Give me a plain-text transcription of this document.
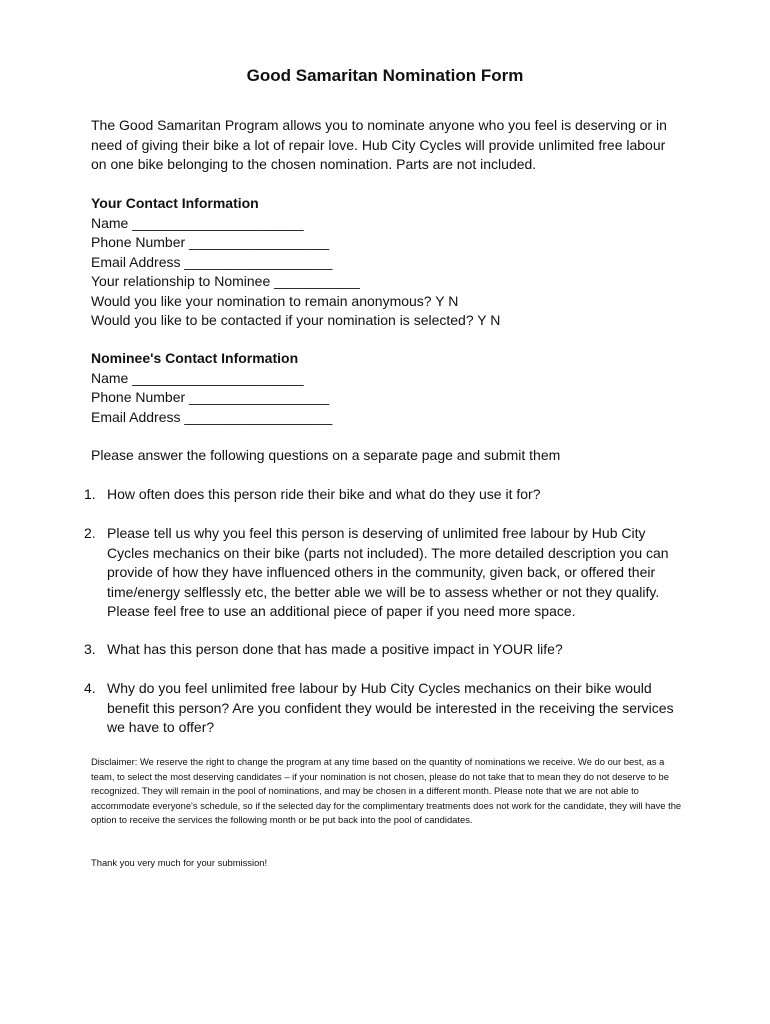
Good Samaritan Nomination Form
The Good Samaritan Program allows you to nominate anyone who you feel is deserving or in need of giving their bike a lot of repair love. Hub City Cycles will provide unlimited free labour on one bike belonging to the chosen nomination. Parts are not included.
Your Contact Information
Name ______________________
Phone Number __________________
Email Address ___________________
Your relationship to Nominee ___________
Would you like your nomination to remain anonymous? Y N
Would you like to be contacted if your nomination is selected? Y N
Nominee's Contact Information
Name ______________________
Phone Number __________________
Email Address ___________________
Please answer the following questions on a separate page and submit them
1. How often does this person ride their bike and what do they use it for?
2. Please tell us why you feel this person is deserving of unlimited free labour by Hub City Cycles mechanics on their bike (parts not included). The more detailed description you can provide of how they have influenced others in the community, given back, or offered their time/energy selflessly etc, the better able we will be to assess whether or not they qualify. Please feel free to use an additional piece of paper if you need more space.
3. What has this person done that has made a positive impact in YOUR life?
4. Why do you feel unlimited free labour by Hub City Cycles mechanics on their bike would benefit this person? Are you confident they would be interested in the receiving the services we have to offer?
Disclaimer: We reserve the right to change the program at any time based on the quantity of nominations we receive. We do our best, as a team, to select the most deserving candidates – if your nomination is not chosen, please do not take that to mean they do not deserve to be recognized. They will remain in the pool of nominations, and may be chosen in a different month. Please note that we are not able to accommodate everyone's schedule, so if the selected day for the complimentary treatments does not work for the candidate, they will have the option to receive the services the following month or be put back into the pool of candidates.
Thank you very much for your submission!
